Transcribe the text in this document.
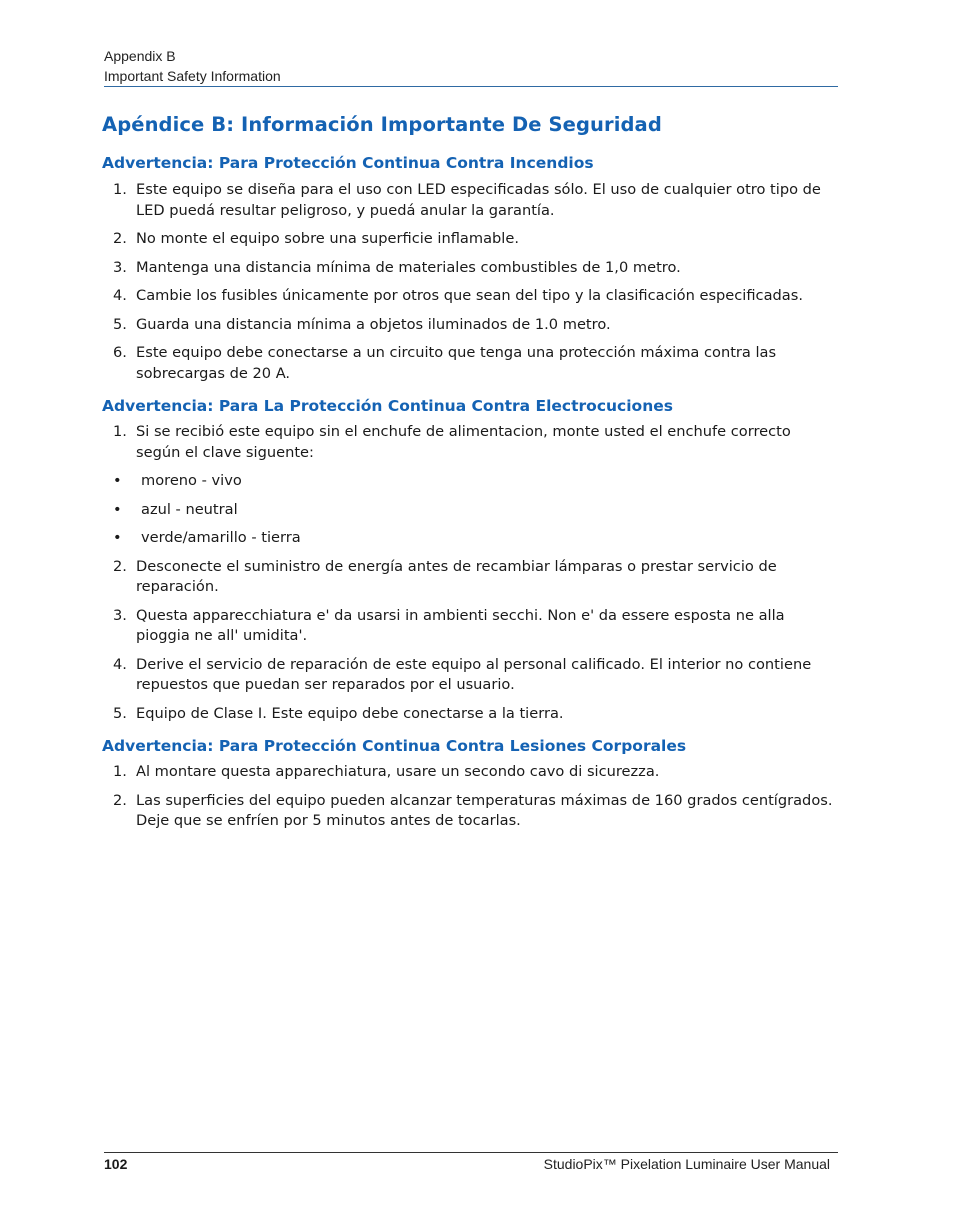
Appendix B
Important Safety Information
Apéndice B: Información Importante De Seguridad
Advertencia: Para Protección Continua Contra Incendios
1. Este equipo se diseña para el uso con LED especificadas sólo. El uso de cualquier otro tipo de LED puedá resultar peligroso, y puedá anular la garantía.
2. No monte el equipo sobre una superficie inflamable.
3. Mantenga una distancia mínima de materiales combustibles de 1,0 metro.
4. Cambie los fusibles únicamente por otros que sean del tipo y la clasificación especificadas.
5. Guarda una distancia mínima a objetos iluminados de 1.0 metro.
6. Este equipo debe conectarse a un circuito que tenga una protección máxima contra las sobrecargas de 20 A.
Advertencia: Para La Protección Continua Contra Electrocuciones
1. Si se recibió este equipo sin el enchufe de alimentacion, monte usted el enchufe correcto según el clave siguente:
• moreno - vivo
• azul - neutral
• verde/amarillo - tierra
2. Desconecte el suministro de energía antes de recambiar lámparas o prestar servicio de reparación.
3. Questa apparecchiatura e' da usarsi in ambienti secchi. Non e' da essere esposta ne alla pioggia ne all' umidita'.
4. Derive el servicio de reparación de este equipo al personal calificado. El interior no contiene repuestos que puedan ser reparados por el usuario.
5. Equipo de Clase I. Este equipo debe conectarse a la tierra.
Advertencia: Para Protección Continua Contra Lesiones Corporales
1. Al montare questa apparechiatura, usare un secondo cavo di sicurezza.
2. Las superficies del equipo pueden alcanzar temperaturas máximas de 160 grados centígrados. Deje que se enfríen por 5 minutos antes de tocarlas.
102	StudioPix™ Pixelation Luminaire User Manual
